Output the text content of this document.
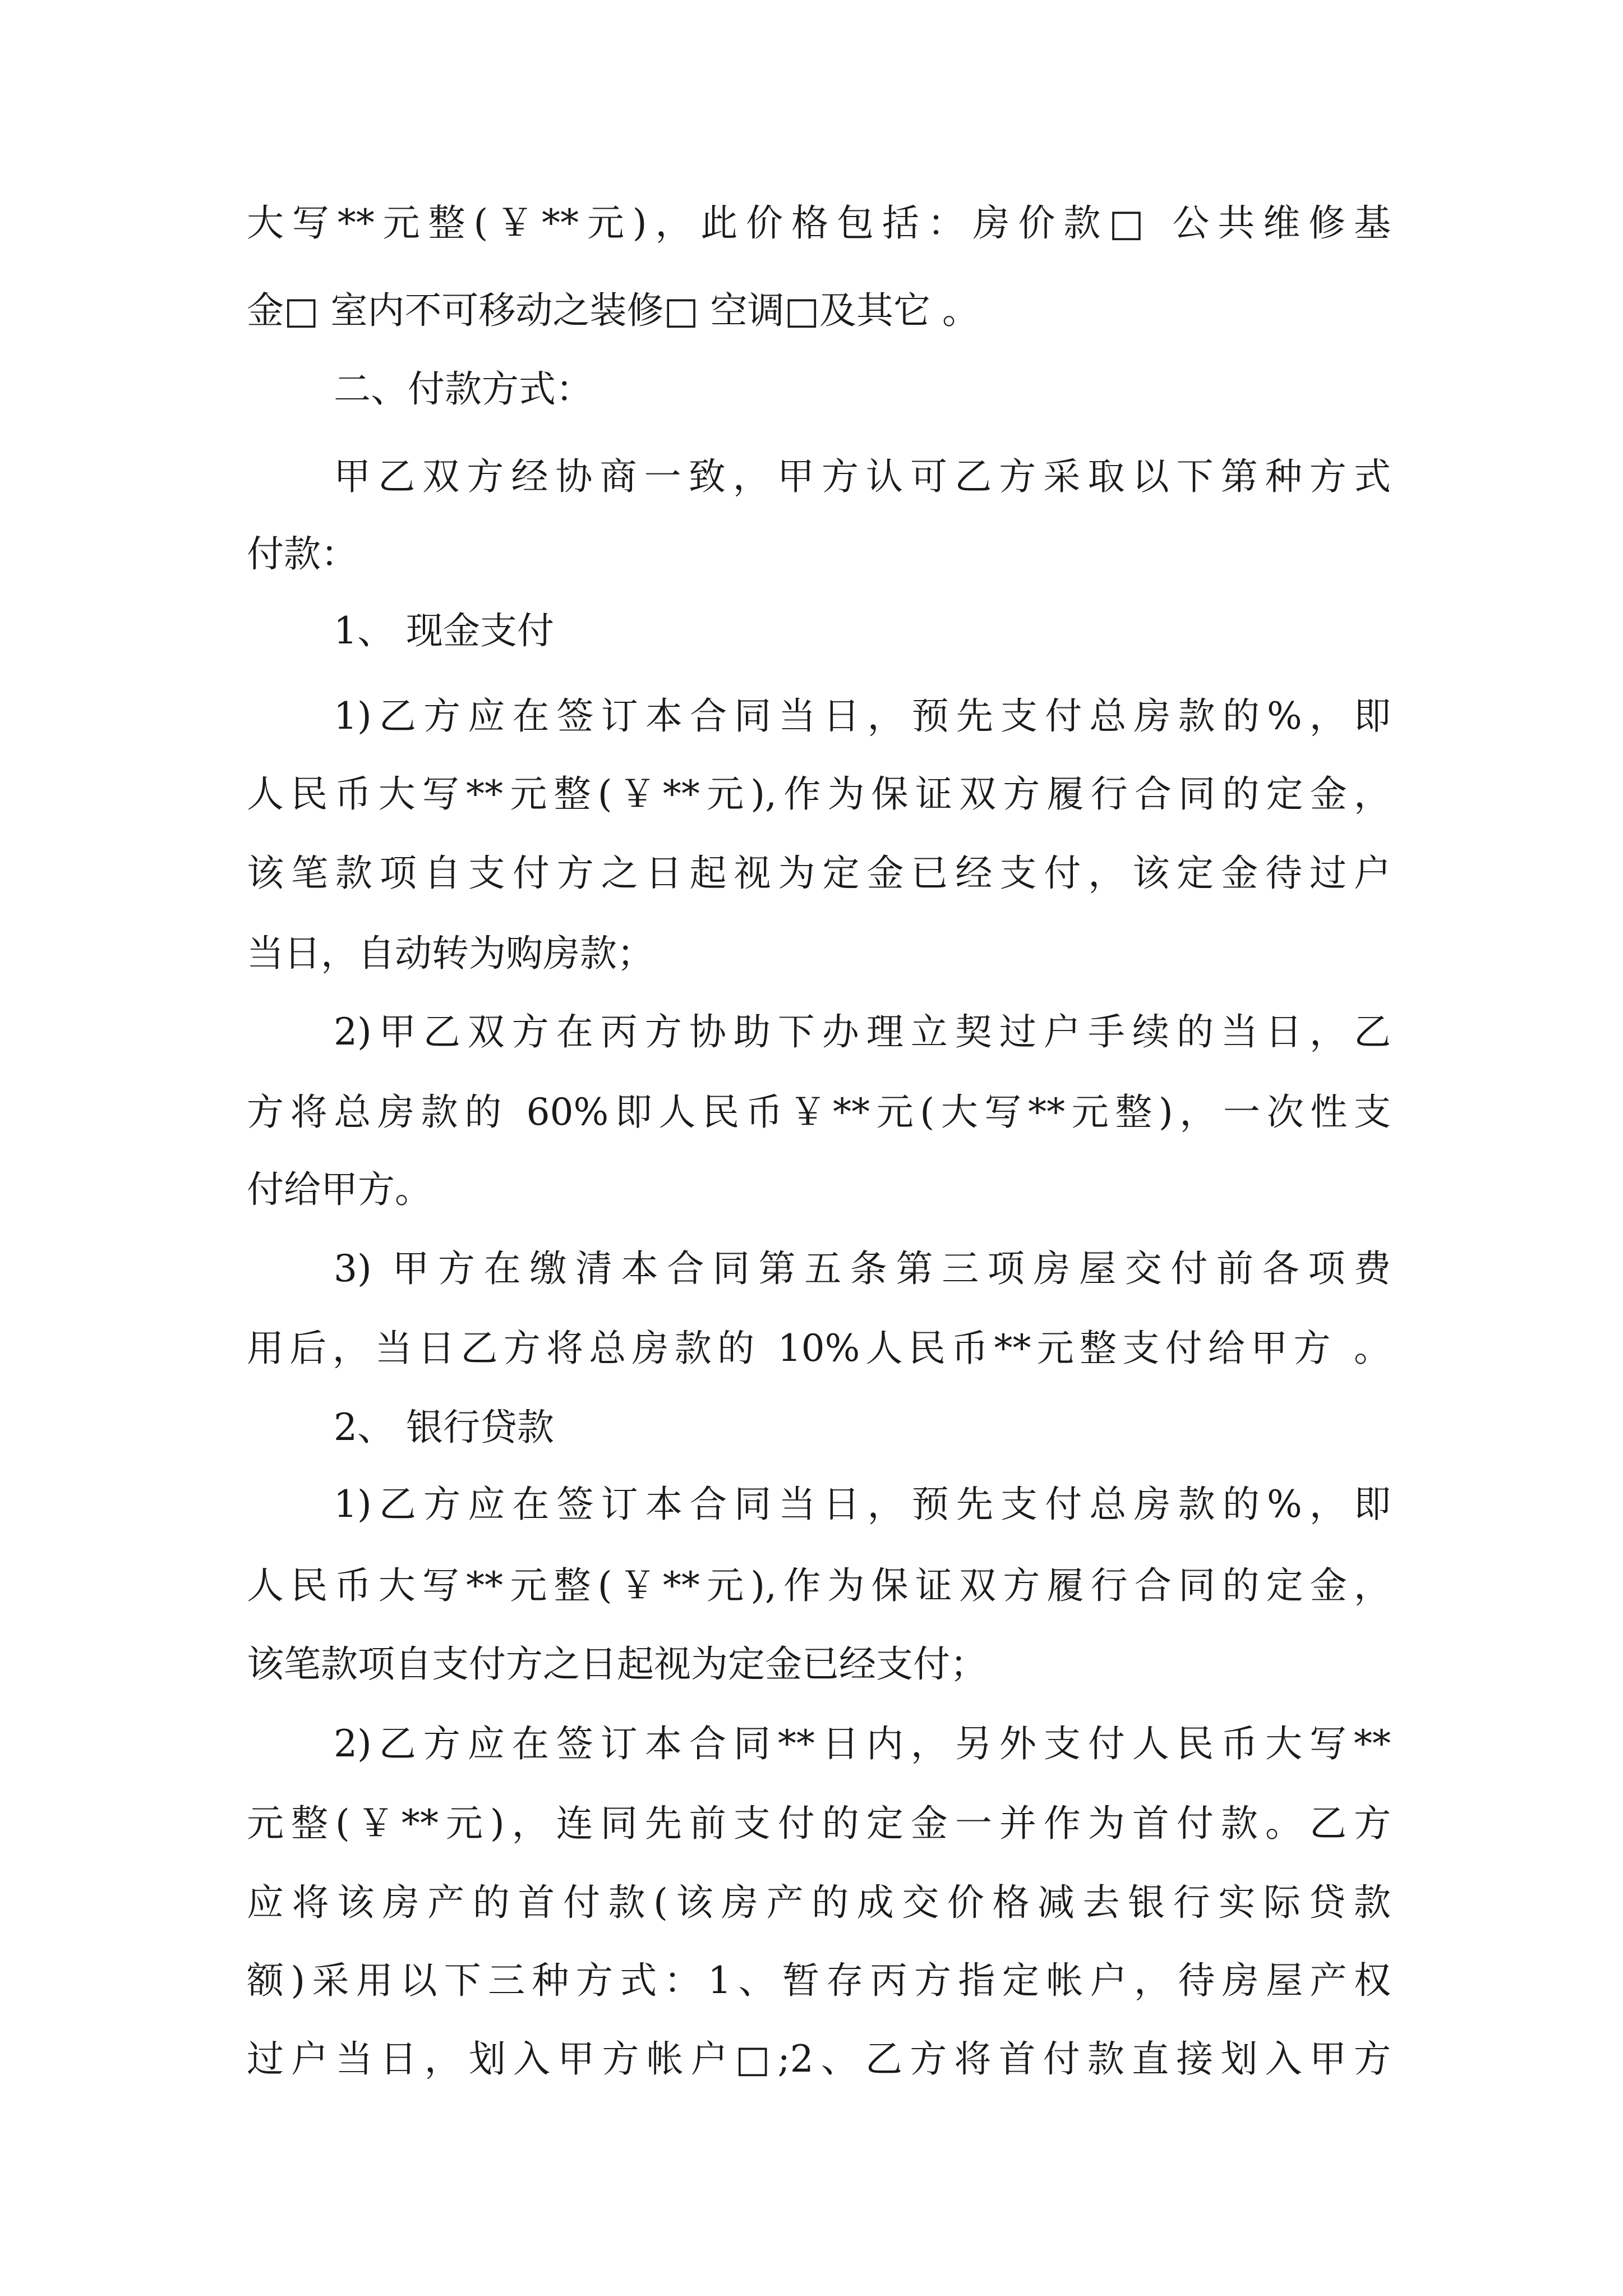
大写**元整(￥**元)，此价格包括：房价款□ 公共维修基
金□ 室内不可移动之装修□ 空调□及其它 。
二、付款方式：
甲乙双方经协商一致，甲方认可乙方采取以下第种方式
付款：
1、 现金支付
1)乙方应在签订本合同当日，预先支付总房款的%，即
人民币大写**元整(￥**元),作为保证双方履行合同的定金，
该笔款项自支付方之日起视为定金已经支付，该定金待过户
当日，自动转为购房款；
2)甲乙双方在丙方协助下办理立契过户手续的当日，乙
方将总房款的 60%即人民币￥**元(大写**元整)，一次性支
付给甲方。
3) 甲方在缴清本合同第五条第三项房屋交付前各项费
用后，当日乙方将总房款的 10%人民币**元整支付给甲方 。
2、 银行贷款
1)乙方应在签订本合同当日，预先支付总房款的%，即
人民币大写**元整(￥**元),作为保证双方履行合同的定金，
该笔款项自支付方之日起视为定金已经支付；
2)乙方应在签订本合同**日内，另外支付人民币大写**
元整(￥**元)，连同先前支付的定金一并作为首付款。乙方
应将该房产的首付款(该房产的成交价格减去银行实际贷款
额)采用以下三种方式：1、暂存丙方指定帐户，待房屋产权
过户当日，划入甲方帐户□;2、乙方将首付款直接划入甲方
